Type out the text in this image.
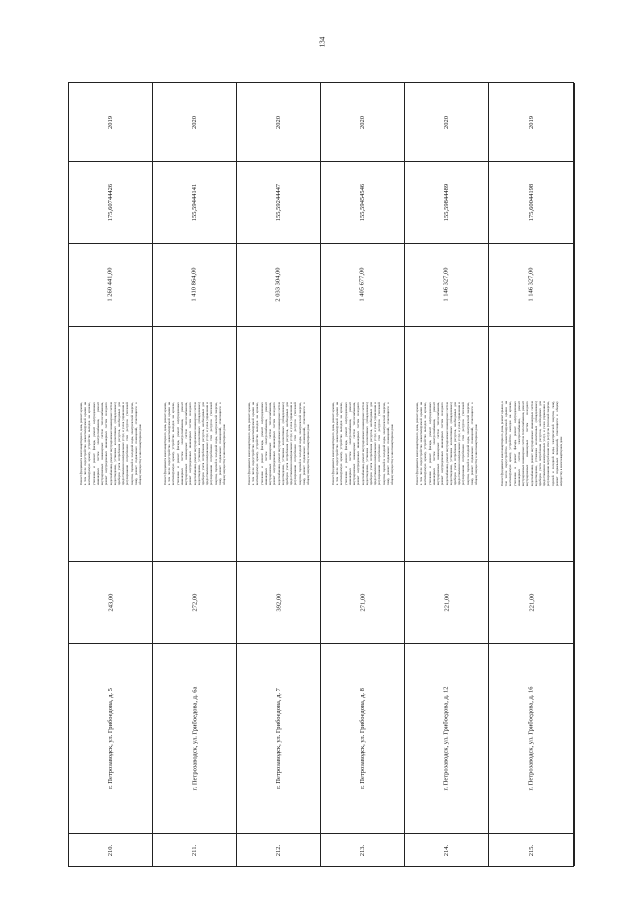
134
2019
175,60744426
1 260 441,00
Ремонт фундамента многоквартирного дома, ремонт крыши, в том числе переустройство невентилируемой крыши на вентилируемую крышу, устройство выходов на кровлю, утепление и ремонт фасада, ремонт внутридомовых инженерных систем электроснабжения, ремонт внутридомовых инженерных систем теплоснабжения, ремонт внутридомовых инженерных систем холодного водоснабжения, ремонт внутридомовых инженерных систем водоотведения, установка коллективных (общедомовых) приборов учета потребления ресурсов, необходимых для предоставления коммунальных услуг, и узлов управления и регулирования потребления этих ресурсов (тепловой энергии, горячей и холодной воды, электрической энергии, газа), ремонт подвальных помещений, относящихся к общему имуществу в многоквартирном доме
243,00
г. Петрозаводск, ул. Грибоедова, д. 5
210.
2020
155,59444141
1 410 864,00
Ремонт фундамента многоквартирного дома, ремонт крыши, в том числе переустройство невентилируемой крыши на вентилируемую крышу, устройство выходов на кровлю, утепление и ремонт фасада, ремонт внутридомовых инженерных систем электроснабжения, ремонт внутридомовых инженерных систем теплоснабжения, ремонт внутридомовых инженерных систем холодного водоснабжения, ремонт внутридомовых инженерных систем водоотведения, установка коллективных (общедомовых) приборов учета потребления ресурсов, необходимых для предоставления коммунальных услуг, и узлов управления и регулирования потребления этих ресурсов (тепловой энергии, горячей и холодной воды, электрической энергии, газа), ремонт подвальных помещений, относящихся к общему имуществу в многоквартирном доме
272,00
г. Петрозаводск, ул. Грибоедова, д. 6а
211.
2020
155,59244447
2 033 304,00
Ремонт фундамента многоквартирного дома, ремонт крыши, в том числе переустройство невентилируемой крыши на вентилируемую крышу, устройство выходов на кровлю, утепление и ремонт фасада, ремонт внутридомовых инженерных систем электроснабжения, ремонт внутридомовых инженерных систем теплоснабжения, ремонт внутридомовых инженерных систем холодного водоснабжения, ремонт внутридомовых инженерных систем водоотведения, установка коллективных (общедомовых) приборов учета потребления ресурсов, необходимых для предоставления коммунальных услуг, и узлов управления и регулирования потребления этих ресурсов (тепловой энергии, горячей и холодной воды, электрической энергии, газа), ремонт подвальных помещений, относящихся к общему имуществу в многоквартирном доме
392,00
г. Петрозаводск, ул. Грибоедова, д. 7
212.
2020
155,59454546
1 405 677,00
Ремонт фундамента многоквартирного дома, ремонт крыши, в том числе переустройство невентилируемой крыши на вентилируемую крышу, устройство выходов на кровлю, утепление и ремонт фасада, ремонт внутридомовых инженерных систем электроснабжения, ремонт внутридомовых инженерных систем теплоснабжения, ремонт внутридомовых инженерных систем холодного водоснабжения, ремонт внутридомовых инженерных систем водоотведения, установка коллективных (общедомовых) приборов учета потребления ресурсов, необходимых для предоставления коммунальных услуг, и узлов управления и регулирования потребления этих ресурсов (тепловой энергии, горячей и холодной воды, электрической энергии, газа), ремонт подвальных помещений, относящихся к общему имуществу в многоквартирном доме
271,00
г. Петрозаводск, ул. Грибоедова, д. 8
213.
2020
155,59844489
1 146 327,00
Ремонт фундамента многоквартирного дома, ремонт крыши, в том числе переустройство невентилируемой крыши на вентилируемую крышу, устройство выходов на кровлю, утепление и ремонт фасада, ремонт внутридомовых инженерных систем электроснабжения, ремонт внутридомовых инженерных систем теплоснабжения, ремонт внутридомовых инженерных систем холодного водоснабжения, ремонт внутридомовых инженерных систем водоотведения, установка коллективных (общедомовых) приборов учета потребления ресурсов, необходимых для предоставления коммунальных услуг, и узлов управления и регулирования потребления этих ресурсов (тепловой энергии, горячей и холодной воды, электрической энергии, газа), ремонт подвальных помещений, относящихся к общему имуществу в многоквартирном доме
221,00
г. Петрозаводск, ул. Грибоедова, д. 12
214.
2019
175,60044198
1 146 327,00
Ремонт фундамента многоквартирного дома, ремонт крыши, в том числе переустройство невентилируемой крыши на вентилируемую крышу, устройство выходов на кровлю, утепление и ремонт фасада, ремонт внутридомовых инженерных систем электроснабжения, ремонт внутридомовых инженерных систем теплоснабжения, ремонт внутридомовых инженерных систем холодного водоснабжения, ремонт внутридомовых инженерных систем водоотведения, установка коллективных (общедомовых) приборов учета потребления ресурсов, необходимых для предоставления коммунальных услуг, и узлов управления и регулирования потребления этих ресурсов (тепловой энергии, горячей и холодной воды, электрической энергии, газа), ремонт подвальных помещений, относящихся к общему имуществу в многоквартирном доме
221,00
г. Петрозаводск, ул. Грибоедова, д. 16
215.
